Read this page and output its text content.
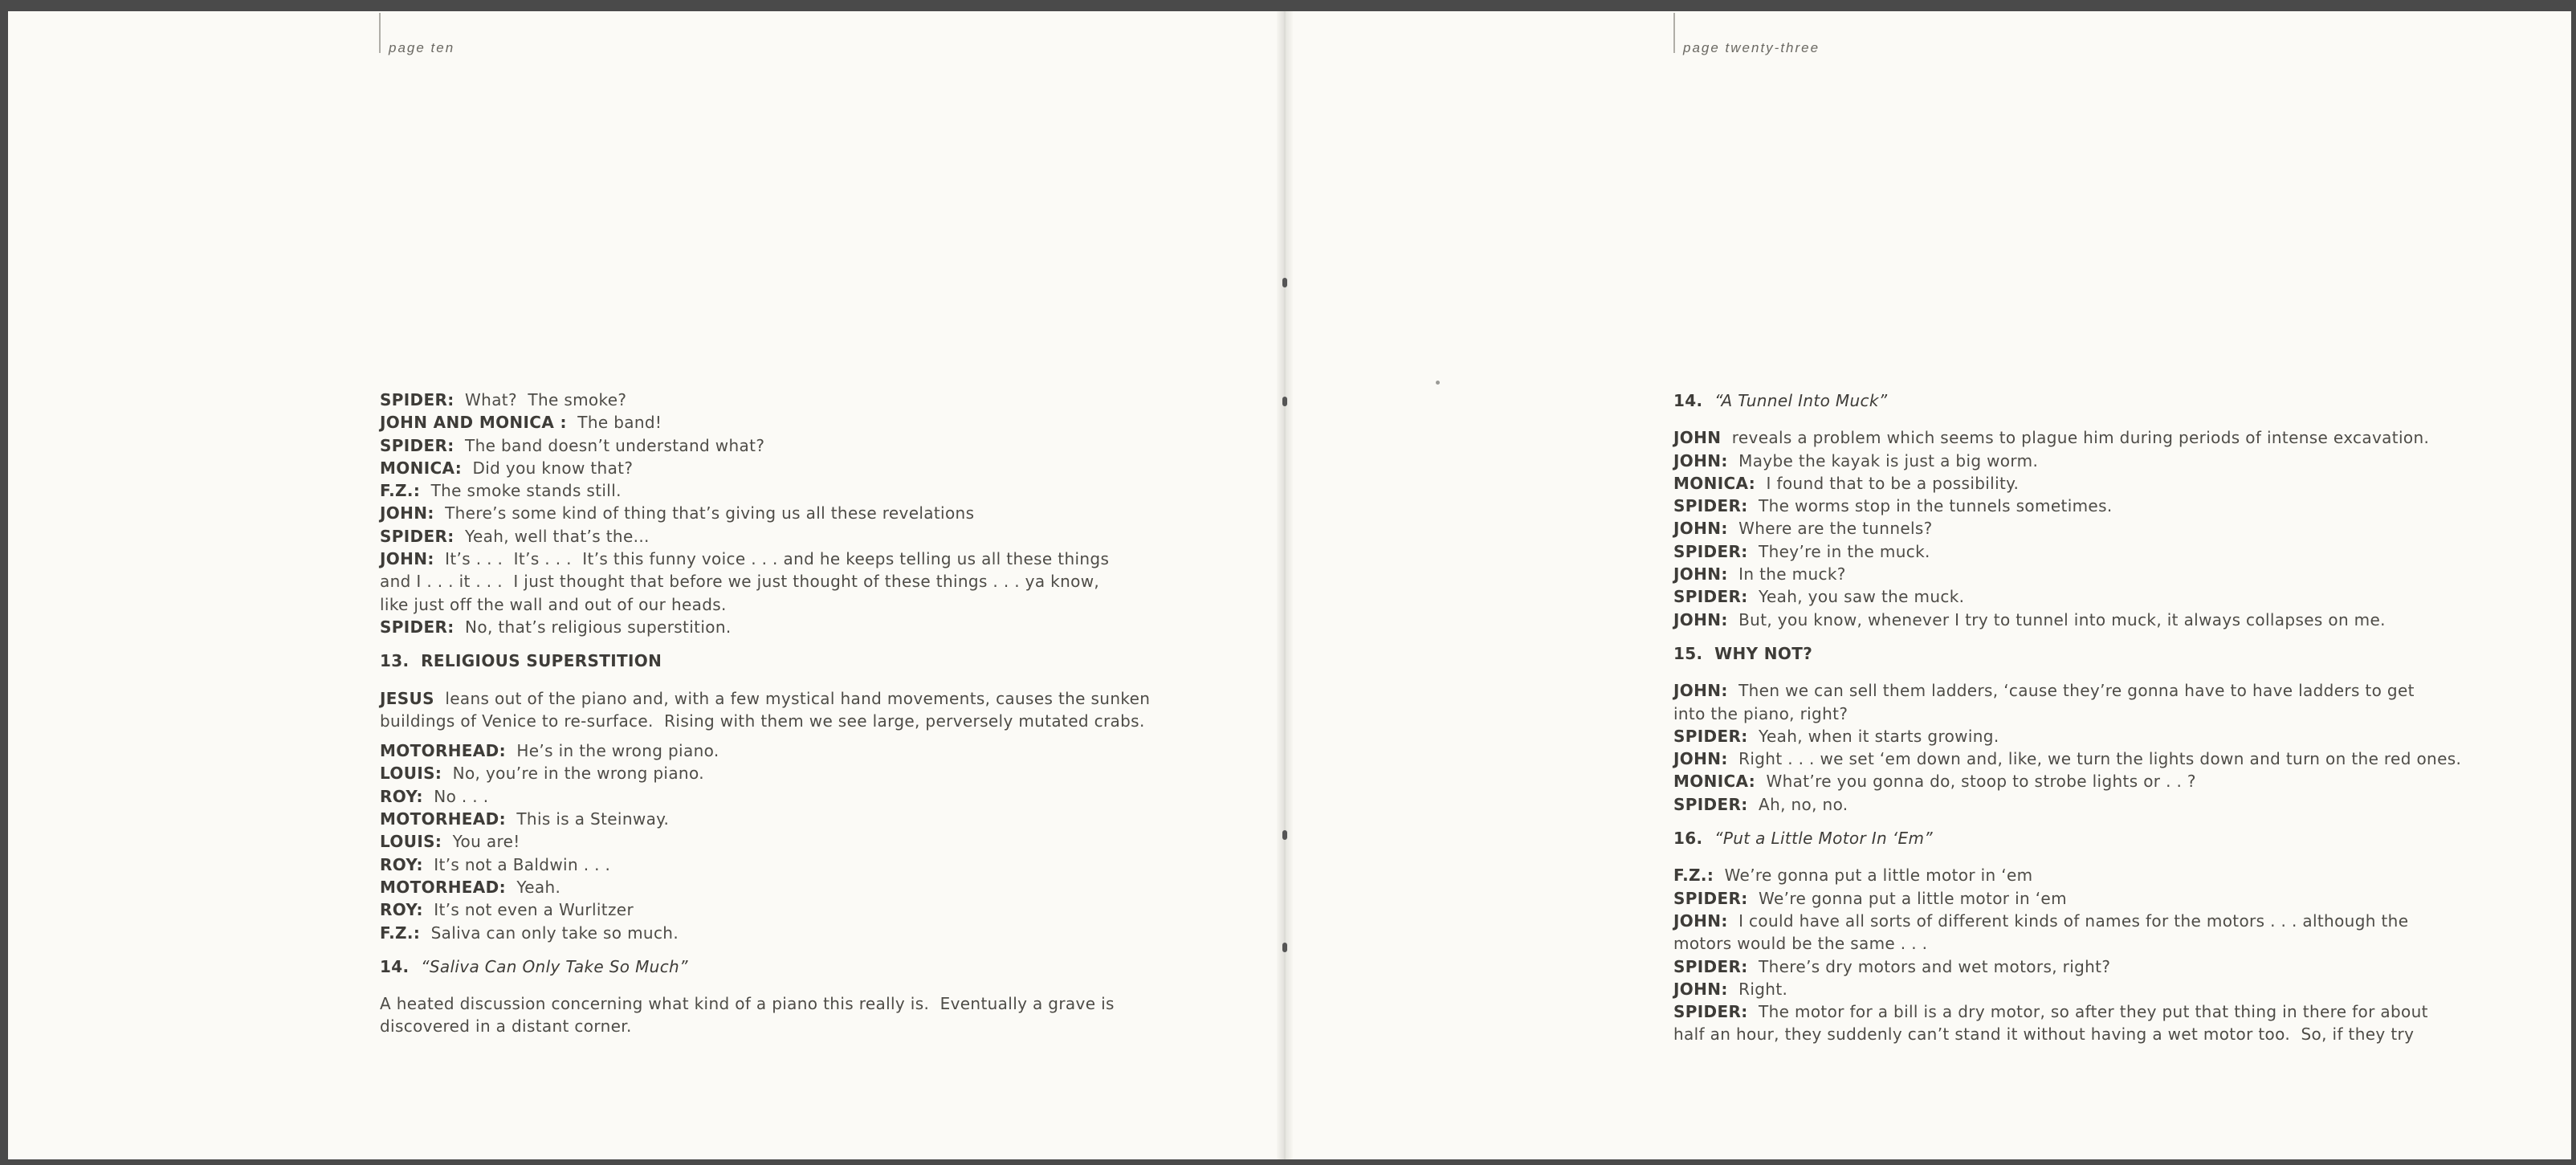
page ten	page twenty-three
SPIDER: What?  The smoke?
JOHN AND MONICA : The band!
SPIDER: The band doesn’t understand what?
MONICA: Did you know that?
F.Z.: The smoke stands still.
JOHN: There’s some kind of thing that’s giving us all these revelations
SPIDER: Yeah, well that’s the...
JOHN: It’s . . .  It’s . . .  It’s this funny voice . . . and he keeps telling us all these things
and I . . . it . . .  I just thought that before we just thought of these things . . . ya know,
like just off the wall and out of our heads.
SPIDER: No, that’s religious superstition.
13. RELIGIOUS SUPERSTITION
JESUS leans out of the piano and, with a few mystical hand movements, causes the sunken
buildings of Venice to re-surface.  Rising with them we see large, perversely mutated crabs.
MOTORHEAD: He’s in the wrong piano.
LOUIS: No, you’re in the wrong piano.
ROY: No . . .
MOTORHEAD: This is a Steinway.
LOUIS: You are!
ROY: It’s not a Baldwin . . .
MOTORHEAD: Yeah.
ROY: It’s not even a Wurlitzer
F.Z.: Saliva can only take so much.
14. “Saliva Can Only Take So Much”
A heated discussion concerning what kind of a piano this really is.  Eventually a grave is
discovered in a distant corner.
14. “A Tunnel Into Muck”
JOHN reveals a problem which seems to plague him during periods of intense excavation.
JOHN: Maybe the kayak is just a big worm.
MONICA: I found that to be a possibility.
SPIDER: The worms stop in the tunnels sometimes.
JOHN: Where are the tunnels?
SPIDER: They’re in the muck.
JOHN: In the muck?
SPIDER: Yeah, you saw the muck.
JOHN: But, you know, whenever I try to tunnel into muck, it always collapses on me.
15. WHY NOT?
JOHN: Then we can sell them ladders, ‘cause they’re gonna have to have ladders to get
into the piano, right?
SPIDER: Yeah, when it starts growing.
JOHN: Right . . . we set ‘em down and, like, we turn the lights down and turn on the red ones.
MONICA: What’re you gonna do, stoop to strobe lights or . . ?
SPIDER: Ah, no, no.
16. “Put a Little Motor In ‘Em”
F.Z.: We’re gonna put a little motor in ‘em
SPIDER: We’re gonna put a little motor in ‘em
JOHN: I could have all sorts of different kinds of names for the motors . . . although the
motors would be the same . . .
SPIDER: There’s dry motors and wet motors, right?
JOHN: Right.
SPIDER: The motor for a bill is a dry motor, so after they put that thing in there for about
half an hour, they suddenly can’t stand it without having a wet motor too.  So, if they try
